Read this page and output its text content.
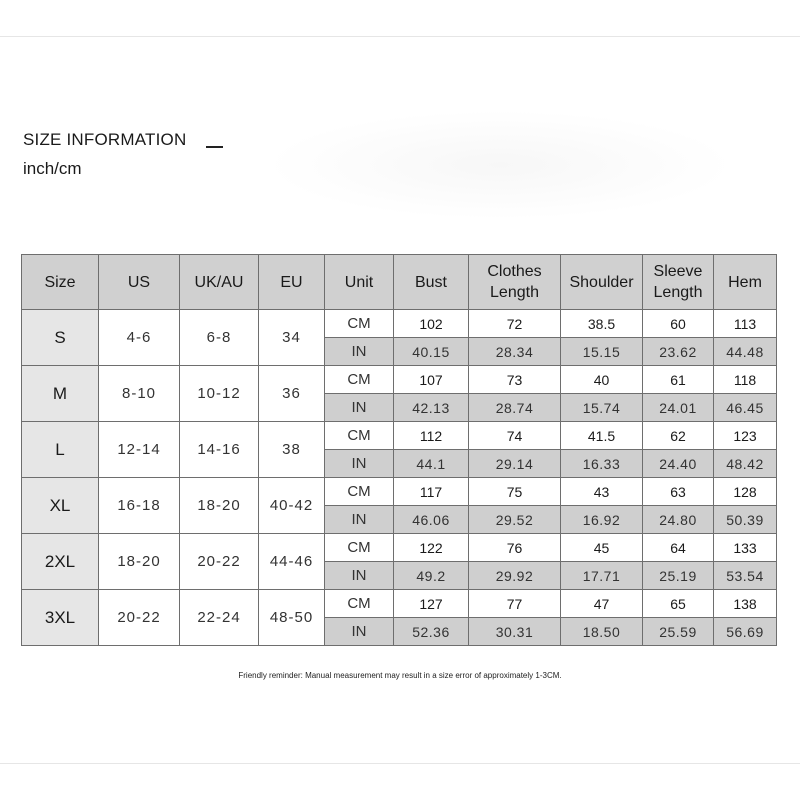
SIZE INFORMATION
inch/cm
Size	US	UK/AU	EU	Unit	Bust	Clothes Length	Shoulder	Sleeve Length	Hem
S	4-6	6-8	34	CM	102	72	38.5	60	113
				IN	40.15	28.34	15.15	23.62	44.48
M	8-10	10-12	36	CM	107	73	40	61	118
				IN	42.13	28.74	15.74	24.01	46.45
L	12-14	14-16	38	CM	112	74	41.5	62	123
				IN	44.1	29.14	16.33	24.40	48.42
XL	16-18	18-20	40-42	CM	117	75	43	63	128
				IN	46.06	29.52	16.92	24.80	50.39
2XL	18-20	20-22	44-46	CM	122	76	45	64	133
				IN	49.2	29.92	17.71	25.19	53.54
3XL	20-22	22-24	48-50	CM	127	77	47	65	138
				IN	52.36	30.31	18.50	25.59	56.69
Friendly reminder: Manual measurement may result in a size error of approximately 1-3CM.
